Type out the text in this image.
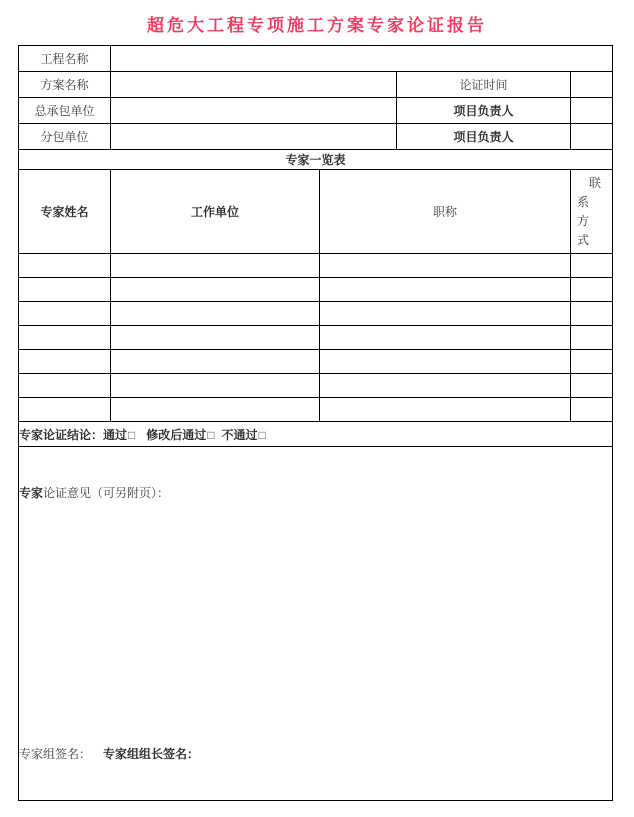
超危大工程专项施工方案专家论证报告
工程名称				
方案名称			论证时间	
总承包单位			项目负责人	
分包单位			项目负责人	
专家一览表				
专家姓名	工作单位	职称		联系方式

专家论证结论：通过□ 修改后通过□ 不通过□				

专家论证意见（可另附页）：
专家组签名： 专家组组长签名：				
